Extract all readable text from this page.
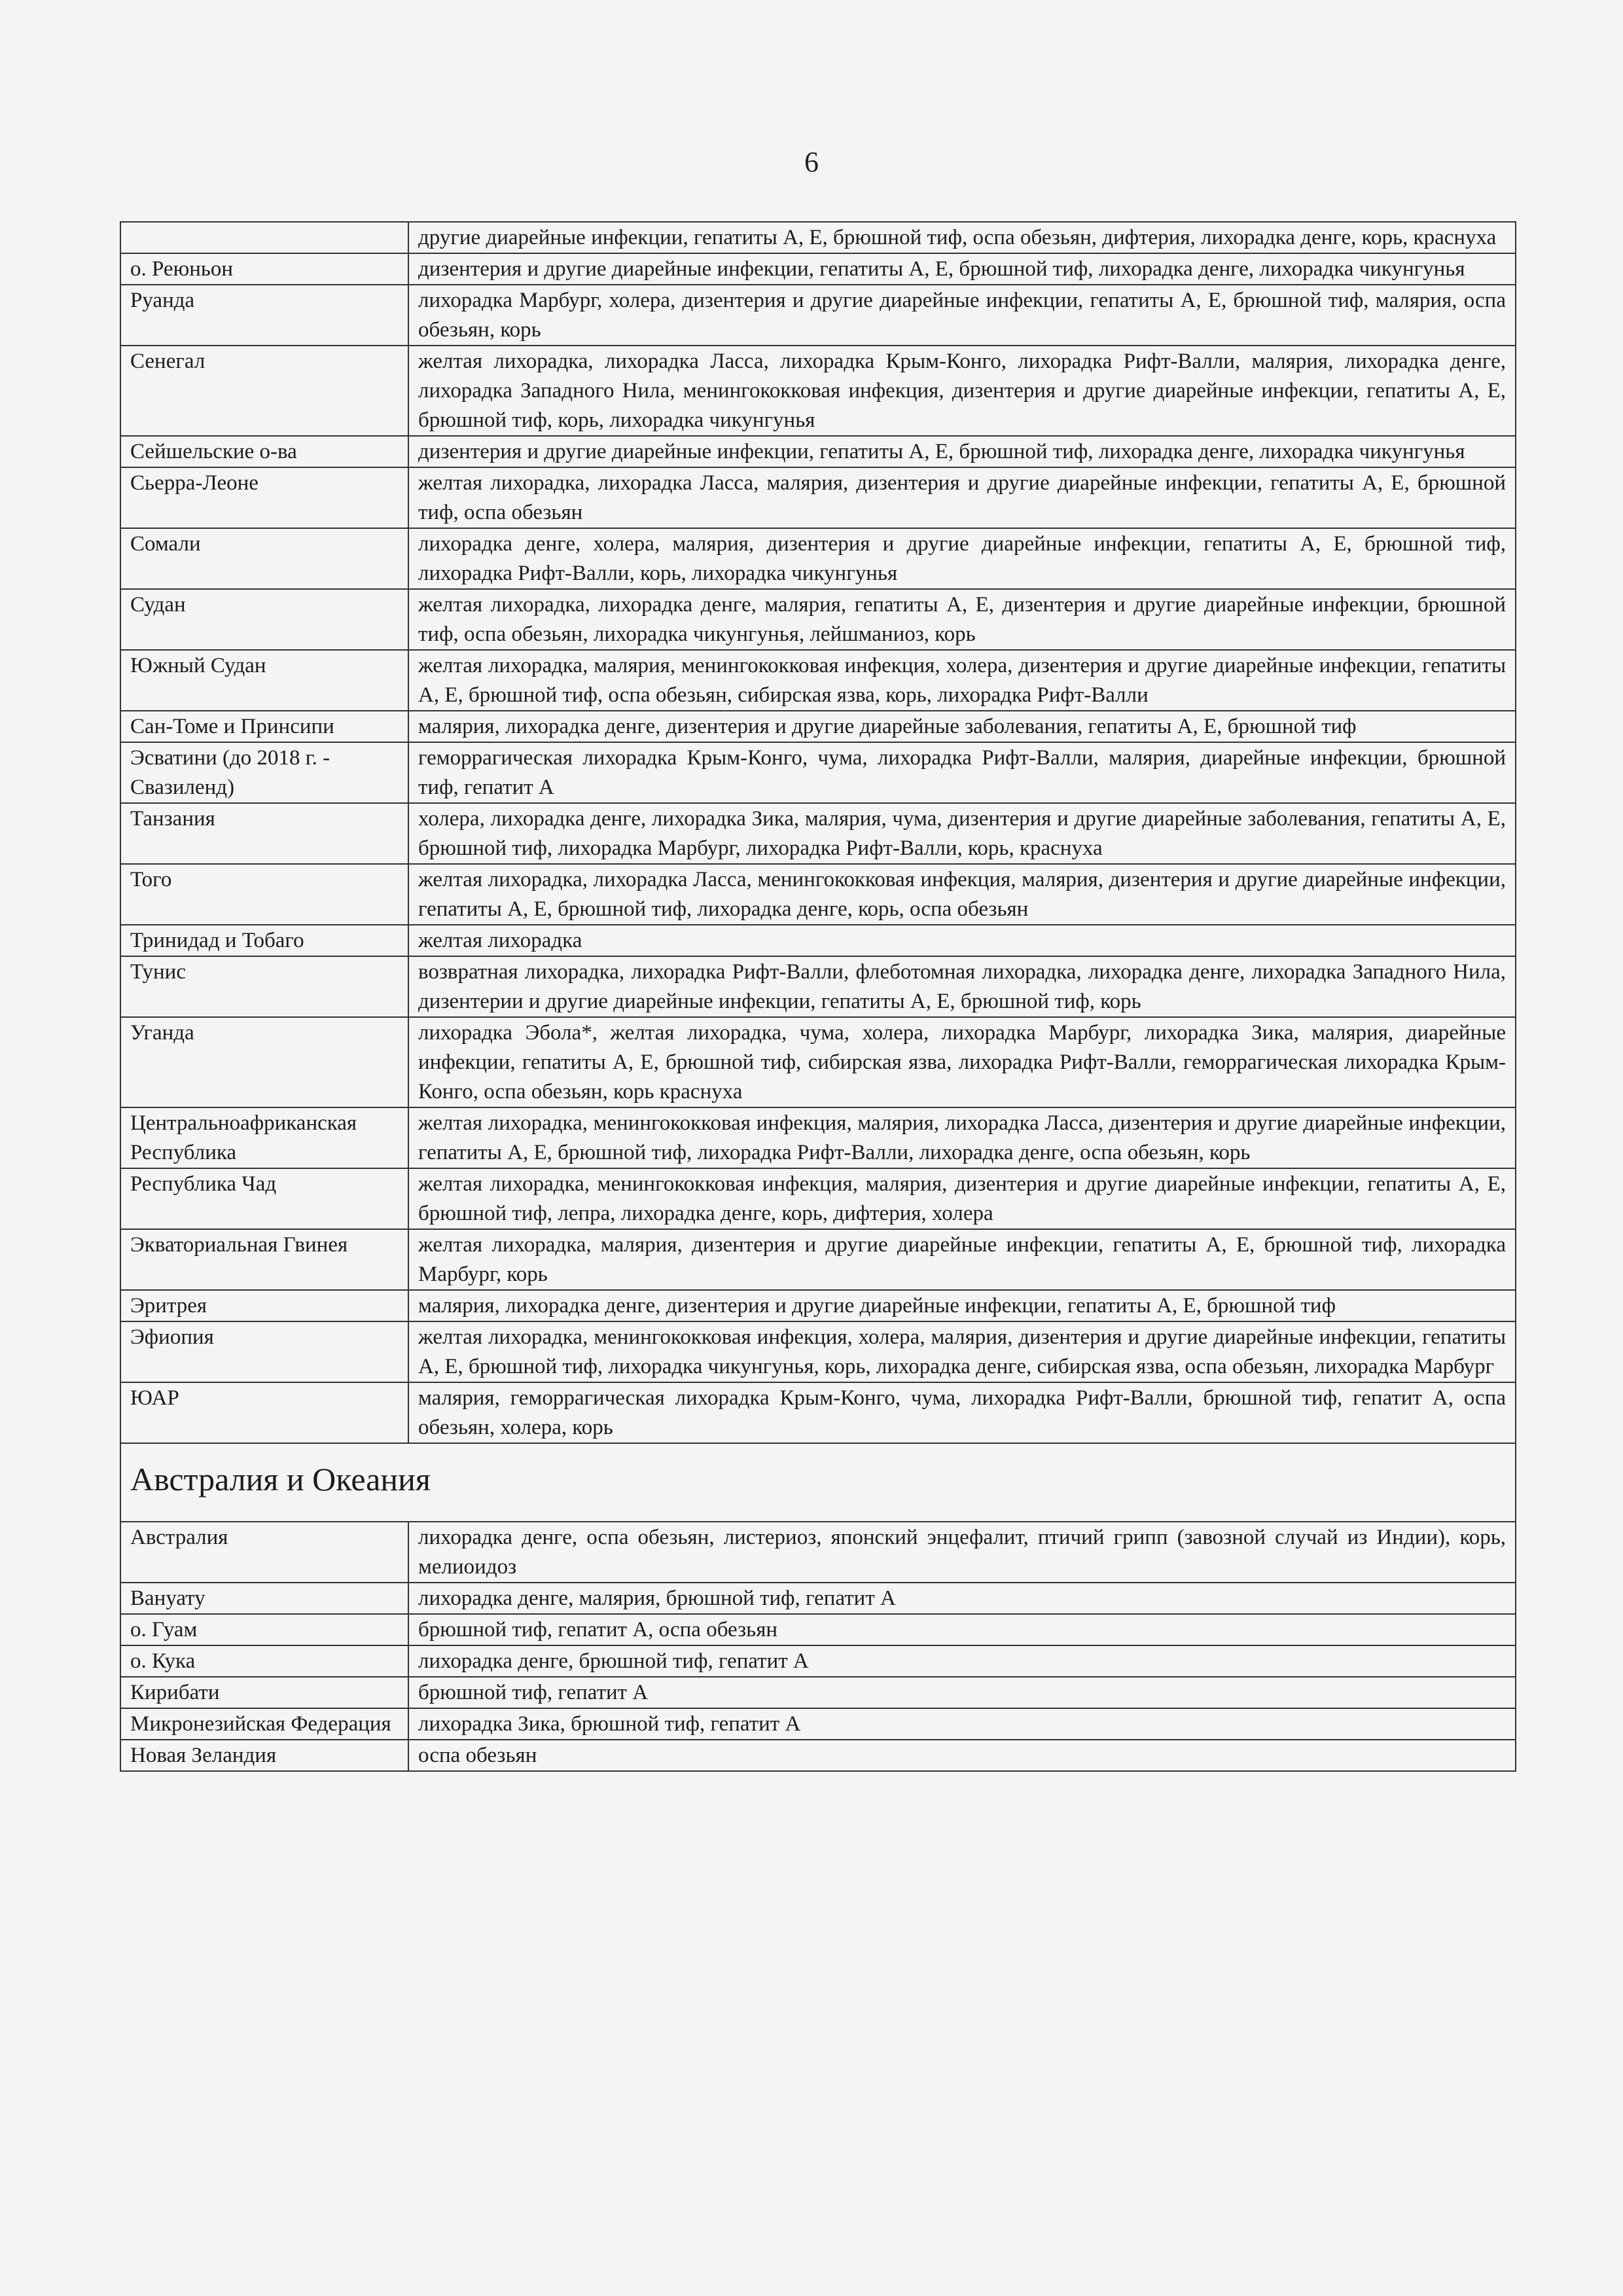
6
	другие диарейные инфекции, гепатиты А, Е, брюшной тиф, оспа обезьян, дифтерия, лихорадка денге, корь, краснуха
о. Реюньон	дизентерия и другие диарейные инфекции, гепатиты А, Е, брюшной тиф, лихорадка денге, лихорадка чикунгунья
Руанда	лихорадка Марбург, холера, дизентерия и другие диарейные инфекции, гепатиты А, Е, брюшной тиф, малярия, оспа обезьян, корь
Сенегал	желтая лихорадка, лихорадка Ласса, лихорадка Крым-Конго, лихорадка Рифт-Валли, малярия, лихорадка денге, лихорадка Западного Нила, менингококковая инфекция, дизентерия и другие диарейные инфекции, гепатиты А, Е, брюшной тиф, корь, лихорадка чикунгунья
Сейшельские о-ва	дизентерия и другие диарейные инфекции, гепатиты А, Е, брюшной тиф, лихорадка денге, лихорадка чикунгунья
Сьерра-Леоне	желтая лихорадка, лихорадка Ласса, малярия, дизентерия и другие диарейные инфекции, гепатиты А, Е, брюшной тиф, оспа обезьян
Сомали	лихорадка денге, холера, малярия, дизентерия и другие диарейные инфекции, гепатиты А, Е, брюшной тиф, лихорадка Рифт-Валли, корь, лихорадка чикунгунья
Судан	желтая лихорадка, лихорадка денге, малярия, гепатиты А, Е, дизентерия и другие диарейные инфекции, брюшной тиф, оспа обезьян, лихорадка чикунгунья, лейшманиоз, корь
Южный Судан	желтая лихорадка, малярия, менингококковая инфекция, холера, дизентерия и другие диарейные инфекции, гепатиты А, Е, брюшной тиф, оспа обезьян, сибирская язва, корь, лихорадка Рифт-Валли
Сан-Томе и Принсипи	малярия, лихорадка денге, дизентерия и другие диарейные заболевания, гепатиты А, Е, брюшной тиф
Эсватини (до 2018 г. - Свазиленд)	геморрагическая лихорадка Крым-Конго, чума, лихорадка Рифт-Валли, малярия, диарейные инфекции, брюшной тиф, гепатит А
Танзания	холера, лихорадка денге, лихорадка Зика, малярия, чума, дизентерия и другие диарейные заболевания, гепатиты А, Е, брюшной тиф, лихорадка Марбург, лихорадка Рифт-Валли, корь, краснуха
Того	желтая лихорадка, лихорадка Ласса, менингококковая инфекция, малярия, дизентерия и другие диарейные инфекции, гепатиты А, Е, брюшной тиф, лихорадка денге, корь, оспа обезьян
Тринидад и Тобаго	желтая лихорадка
Тунис	возвратная лихорадка, лихорадка Рифт-Валли, флеботомная лихорадка, лихорадка денге, лихорадка Западного Нила, дизентерии и другие диарейные инфекции, гепатиты А, Е, брюшной тиф, корь
Уганда	лихорадка Эбола*, желтая лихорадка, чума, холера, лихорадка Марбург, лихорадка Зика, малярия, диарейные инфекции, гепатиты А, Е, брюшной тиф, сибирская язва, лихорадка Рифт-Валли, геморрагическая лихорадка Крым-Конго, оспа обезьян, корь краснуха
Центральноафриканская Республика	желтая лихорадка, менингококковая инфекция, малярия, лихорадка Ласса, дизентерия и другие диарейные инфекции, гепатиты А, Е, брюшной тиф, лихорадка Рифт-Валли, лихорадка денге, оспа обезьян, корь
Республика Чад	желтая лихорадка, менингококковая инфекция, малярия, дизентерия и другие диарейные инфекции, гепатиты А, Е, брюшной тиф, лепра, лихорадка денге, корь, дифтерия, холера
Экваториальная Гвинея	желтая лихорадка, малярия, дизентерия и другие диарейные инфекции, гепатиты А, Е, брюшной тиф, лихорадка Марбург, корь
Эритрея	малярия, лихорадка денге, дизентерия и другие диарейные инфекции, гепатиты А, Е, брюшной тиф
Эфиопия	желтая лихорадка, менингококковая инфекция, холера, малярия, дизентерия и другие диарейные инфекции, гепатиты А, Е, брюшной тиф, лихорадка чикунгунья, корь, лихорадка денге, сибирская язва, оспа обезьян, лихорадка Марбург
ЮАР	малярия, геморрагическая лихорадка Крым-Конго, чума, лихорадка Рифт-Валли, брюшной тиф, гепатит А, оспа обезьян, холера, корь
Австралия и Океания	
Австралия	лихорадка денге, оспа обезьян, листериоз, японский энцефалит, птичий грипп (завозной случай из Индии), корь, мелиоидоз
Вануату	лихорадка денге, малярия, брюшной тиф, гепатит А
о. Гуам	брюшной тиф, гепатит А, оспа обезьян
о. Кука	лихорадка денге, брюшной тиф, гепатит А
Кирибати	брюшной тиф, гепатит А
Микронезийская Федерация	лихорадка Зика, брюшной тиф, гепатит А
Новая Зеландия	оспа обезьян
